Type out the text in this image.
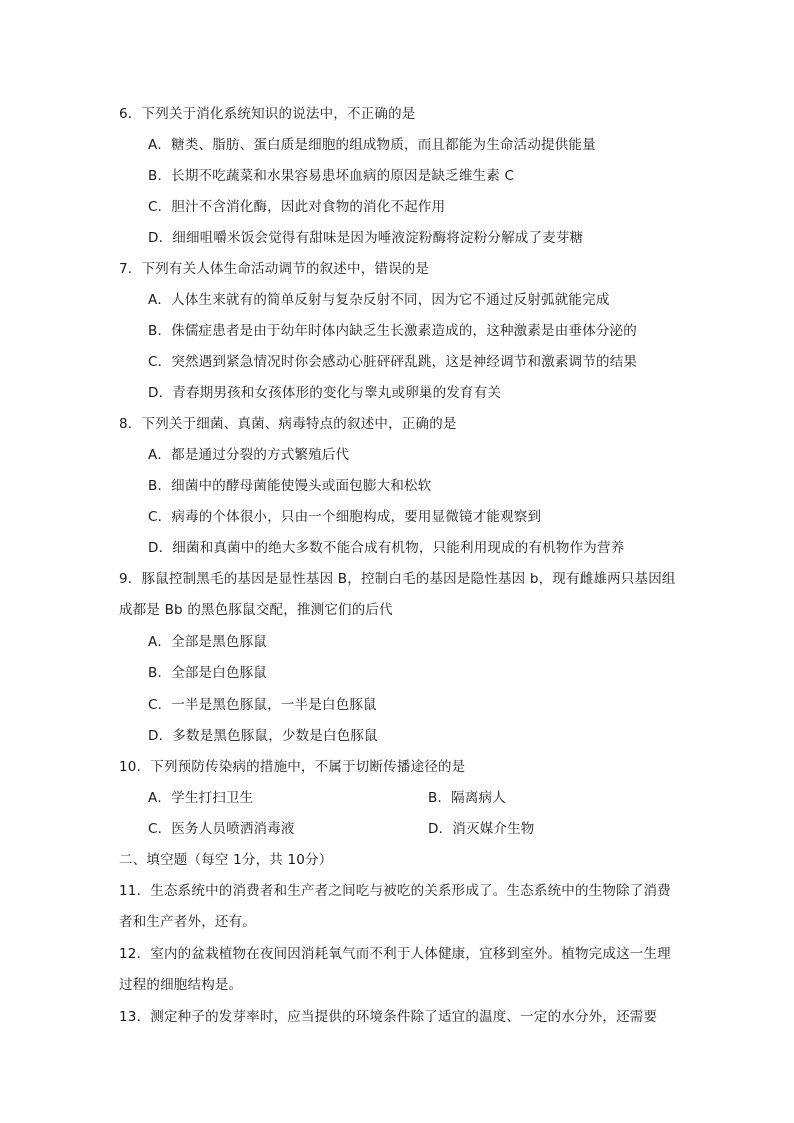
6．下列关于消化系统知识的说法中，不正确的是
A．糖类、脂肪、蛋白质是细胞的组成物质，而且都能为生命活动提供能量
B．长期不吃蔬菜和水果容易患坏血病的原因是缺乏维生素 C
C．胆汁不含消化酶，因此对食物的消化不起作用
D．细细咀嚼米饭会觉得有甜味是因为唾液淀粉酶将淀粉分解成了麦芽糖
7．下列有关人体生命活动调节的叙述中，错误的是
A．人体生来就有的简单反射与复杂反射不同，因为它不通过反射弧就能完成
B．侏儒症患者是由于幼年时体内缺乏生长激素造成的，这种激素是由垂体分泌的
C．突然遇到紧急情况时你会感动心脏砰砰乱跳，这是神经调节和激素调节的结果
D．青春期男孩和女孩体形的变化与睾丸或卵巢的发育有关
8．下列关于细菌、真菌、病毒特点的叙述中，正确的是
A．都是通过分裂的方式繁殖后代
B．细菌中的酵母菌能使馒头或面包膨大和松软
C．病毒的个体很小，只由一个细胞构成，要用显微镜才能观察到
D．细菌和真菌中的绝大多数不能合成有机物，只能利用现成的有机物作为营养
9．豚鼠控制黑毛的基因是显性基因 B，控制白毛的基因是隐性基因 b，现有雌雄两只基因组
成都是 Bb 的黑色豚鼠交配，推测它们的后代
A．全部是黑色豚鼠
B．全部是白色豚鼠
C．一半是黑色豚鼠，一半是白色豚鼠
D．多数是黑色豚鼠，少数是白色豚鼠
10．下列预防传染病的措施中，不属于切断传播途径的是
A．学生打扫卫生	B．隔离病人
C．医务人员喷洒消毒液	D．消灭媒介生物
二、填空题（每空 1分，共 10分）
11．生态系统中的消费者和生产者之间吃与被吃的关系形成了。生态系统中的生物除了消费
者和生产者外，还有。
12．室内的盆栽植物在夜间因消耗氧气而不利于人体健康，宜移到室外。植物完成这一生理
过程的细胞结构是。
13．测定种子的发芽率时，应当提供的环境条件除了适宜的温度、一定的水分外，还需要
